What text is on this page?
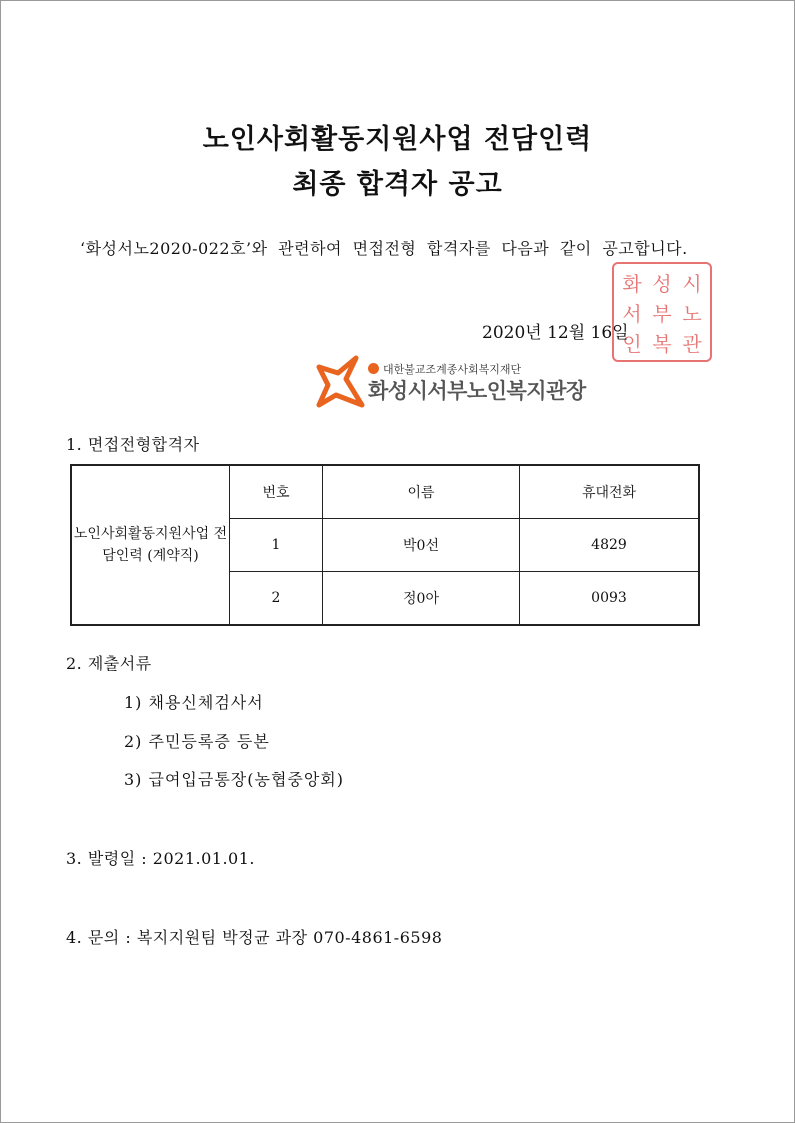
노인사회활동지원사업 전담인력
최종 합격자 공고
‘화성서노2020-022호’와 관련하여 면접전형 합격자를 다음과 같이 공고합니다.
화 성 시
서 부 노
인 복 관
2020년 12월 16일
대한불교조계종사회복지재단
화성시서부노인복지관장
1. 면접전형합격자
노인사회활동지원사업 전담인력 (계약직)	번호	이름	휴대전화
	1	박0선	4829
	2	정0아	0093
2. 제출서류
1) 채용신체검사서
2) 주민등록증 등본
3) 급여입금통장(농협중앙회)
3. 발령일 : 2021.01.01.
4. 문의 : 복지지원팀 박정균 과장 070-4861-6598
